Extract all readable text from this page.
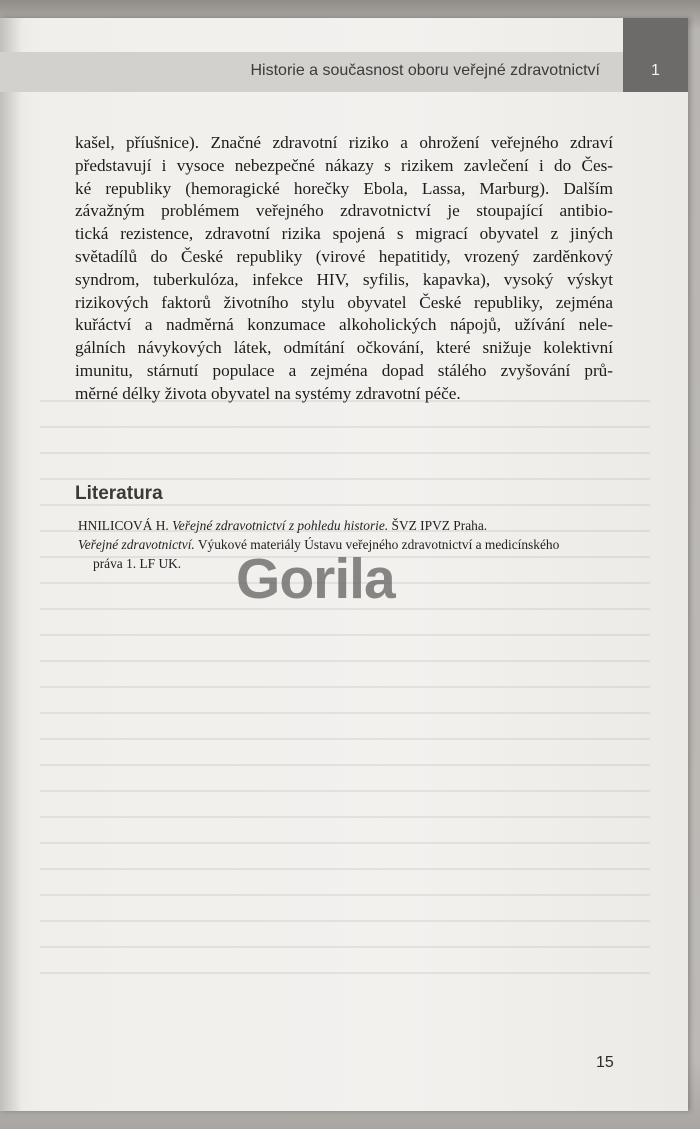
Historie a současnost oboru veřejné zdravotnictví	1
kašel, příušnice). Značné zdravotní riziko a ohrožení veřejného zdraví
představují i vysoce nebezpečné nákazy s rizikem zavlečení i do Čes-
ké republiky (hemoragické horečky Ebola, Lassa, Marburg). Dalším
závažným problémem veřejného zdravotnictví je stoupající antibio-
tická rezistence, zdravotní rizika spojená s migrací obyvatel z jiných
světadílů do České republiky (virové hepatitidy, vrozený zarděnkový
syndrom, tuberkulóza, infekce HIV, syfilis, kapavka), vysoký výskyt
rizikových faktorů životního stylu obyvatel České republiky, zejména
kuřáctví a nadměrná konzumace alkoholických nápojů, užívání nele-
gálních návykových látek, odmítání očkování, které snižuje kolektivní
imunitu, stárnutí populace a zejména dopad stálého zvyšování prů-
měrné délky života obyvatel na systémy zdravotní péče.
Literatura
HNILICOVÁ H. Veřejné zdravotnictví z pohledu historie. ŠVZ IPVZ Praha.
Veřejné zdravotnictví. Výukové materiály Ústavu veřejného zdravotnictví a medicínského
práva 1. LF UK. Gorila
15
